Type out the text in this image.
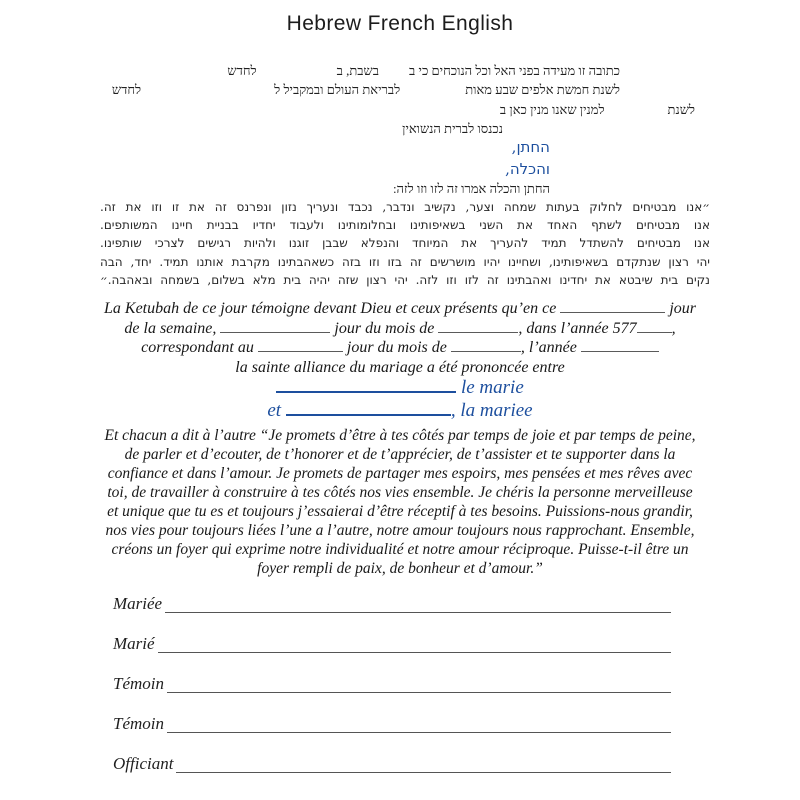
Hebrew French English
כתובה זו מעידה בפני האל וכל הנוכחים כי בבשבת, בלחדש
לשנת חמשת אלפים שבע מאותלבריאת העולם ובמקביל ללחדש
לשנתלמנין שאנו מנין כאן ב
נכנסו לברית הנשואין
החתן,
והכלה,
החתן והכלה אמרו זה לזו וזו לזה:
״אנו מבטיחים לחלוק בעתות שמחה וצער, נקשיב ונדבר, נכבד ונעריך נזון ונפרנס זה את זו וזו את זה.
אנו מבטיחים לשתף האחד את השני בשאיפותינו ובחלומותינו ולעבוד יחדיו בבניית חיינו המשותפים.
אנו מבטיחים להשתדל תמיד להעריך את המיוחד והנפלא שבבן זוגנו ולהיות רגישים לצרכי שותפינו.
יהי רצון שנתקדם בשאיפותינו, ושחיינו יהיו מושרשים זה בזו וזו בזה כשאהבתינו מקרבת אותנו תמיד. יחד, הבה
נקים בית שיבטא את יחדינו ואהבתינו זה לזו וזו לזה. יהי רצון שזה יהיה בית מלא בשלום, בשמחה ובאהבה.״
La Ketubah de ce jour témoigne devant Dieu et ceux présents qu’en ce	jour
de la semaine,	jour du mois de	, dans l’année 577 ,
correspondant au	jour du mois de	, l’année
la sainte alliance du mariage a été prononcée entre
le marie
et	, la mariee
Et chacun a dit à l’autre “Je promets d’être à tes côtés par temps de joie et par temps de peine,
de parler et d’ecouter, de t’honorer et de t’apprécier, de t’assister et te supporter dans la
confiance et dans l’amour. Je promets de partager mes espoirs, mes pensées et mes rêves avec
toi, de travailler à construire à tes côtés nos vies ensemble. Je chéris la personne merveilleuse
et unique que tu es et toujours j’essaierai d’être réceptif à tes besoins. Puissions-nous grandir,
nos vies pour toujours liées l’une a l’autre, notre amour toujours nous rapprochant. Ensemble,
créons un foyer qui exprime notre individualité et notre amour réciproque. Puisse-t-il être un
foyer rempli de paix, de bonheur et d’amour.”
Mariée
Marié
Témoin
Témoin
Officiant
